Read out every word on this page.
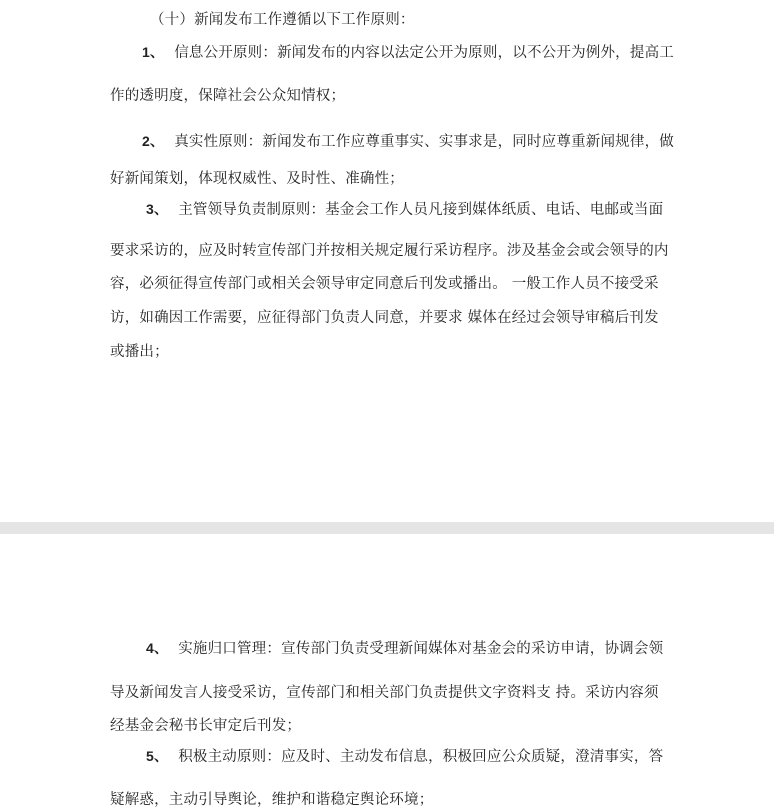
（十）新闻发布工作遵循以下工作原则：
1、 信息公开原则：新闻发布的内容以法定公开为原则，以不公开为例外，提高工
作的透明度，保障社会公众知情权；
2、 真实性原则：新闻发布工作应尊重事实、实事求是，同时应尊重新闻规律，做
好新闻策划，体现权威性、及时性、准确性；
3、 主管领导负责制原则：基金会工作人员凡接到媒体纸质、电话、电邮或当面
要求采访的，应及时转宣传部门并按相关规定履行采访程序。涉及基金会或会领导的内
容，必须征得宣传部门或相关会领导审定同意后刊发或播出。 一般工作人员不接受采
访，如确因工作需要，应征得部门负责人同意，并要求 媒体在经过会领导审稿后刊发
或播出；
4、 实施归口管理：宣传部门负责受理新闻媒体对基金会的采访申请，协调会领
导及新闻发言人接受采访，宣传部门和相关部门负责提供文字资料支 持。采访内容须
经基金会秘书长审定后刊发；
5、 积极主动原则：应及时、主动发布信息，积极回应公众质疑，澄清事实，答
疑解惑，主动引导舆论，维护和谐稳定舆论环境；
